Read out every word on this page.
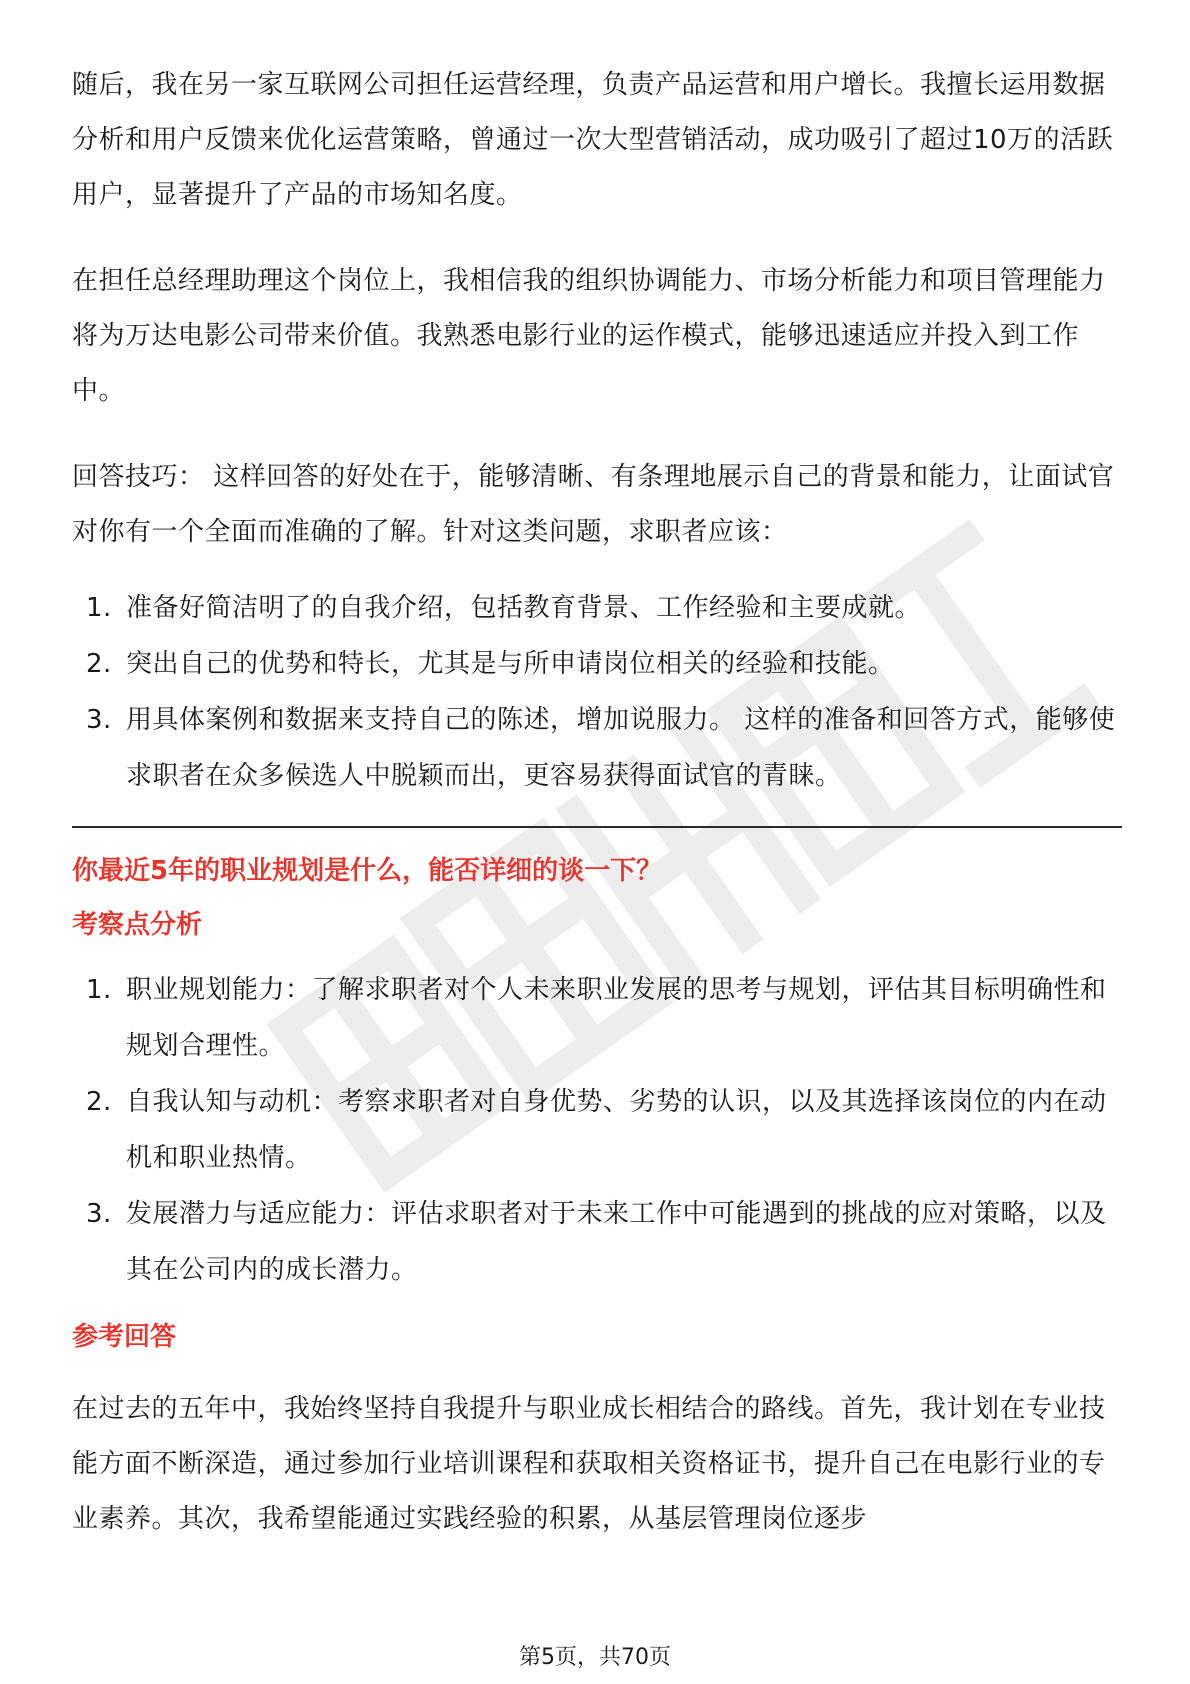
随后，我在另一家互联网公司担任运营经理，负责产品运营和用户增长。我擅长运用数据分析和用户反馈来优化运营策略，曾通过一次大型营销活动，成功吸引了超过10万的活跃用户，显著提升了产品的市场知名度。

在担任总经理助理这个岗位上，我相信我的组织协调能力、市场分析能力和项目管理能力将为万达电影公司带来价值。我熟悉电影行业的运作模式，能够迅速适应并投入到工作中。

回答技巧： 这样回答的好处在于，能够清晰、有条理地展示自己的背景和能力，让面试官对你有一个全面而准确的了解。针对这类问题，求职者应该：

1. 准备好简洁明了的自我介绍，包括教育背景、工作经验和主要成就。
2. 突出自己的优势和特长，尤其是与所申请岗位相关的经验和技能。
3. 用具体案例和数据来支持自己的陈述，增加说服力。 这样的准备和回答方式，能够使求职者在众多候选人中脱颖而出，更容易获得面试官的青睐。
你最近5年的职业规划是什么，能否详细的谈一下？
考察点分析
1. 职业规划能力：了解求职者对个人未来职业发展的思考与规划，评估其目标明确性和规划合理性。
2. 自我认知与动机：考察求职者对自身优势、劣势的认识，以及其选择该岗位的内在动机和职业热情。
3. 发展潜力与适应能力：评估求职者对于未来工作中可能遇到的挑战的应对策略，以及其在公司内的成长潜力。
参考回答

在过去的五年中，我始终坚持自我提升与职业成长相结合的路线。首先，我计划在专业技能方面不断深造，通过参加行业培训课程和获取相关资格证书，提升自己在电影行业的专业素养。其次，我希望能通过实践经验的积累，从基层管理岗位逐步

第5页，共70页
